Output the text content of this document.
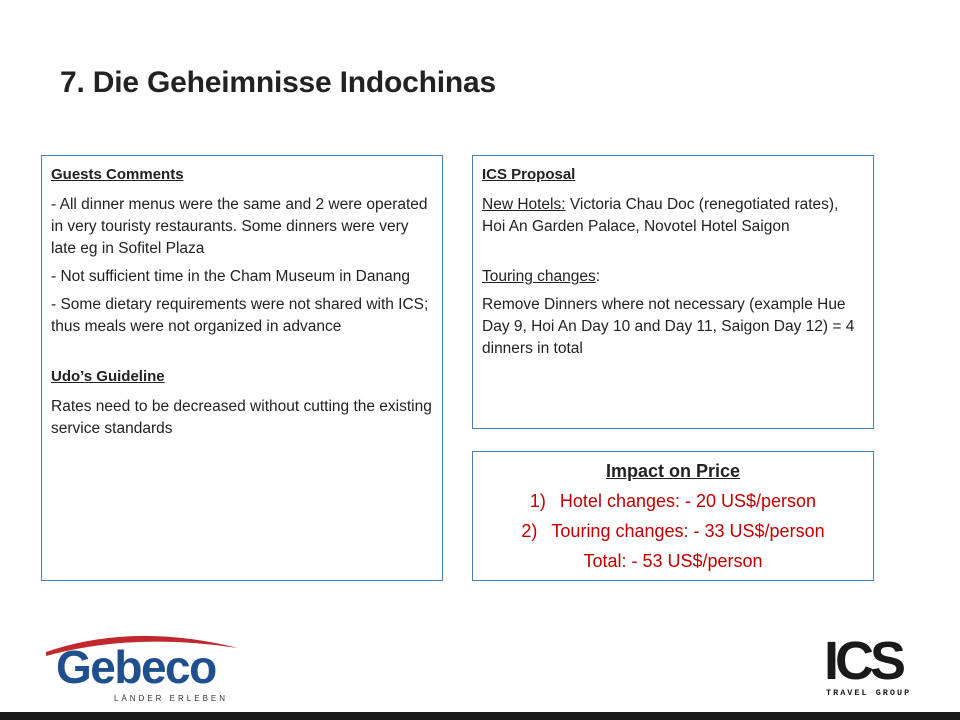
7. Die Geheimnisse Indochinas
Guests Comments
- All dinner menus were the same and 2 were operated in very touristy restaurants. Some dinners were very late eg in Sofitel Plaza
- Not sufficient time in the Cham Museum in Danang
- Some dietary requirements were not shared with ICS; thus meals were not organized in advance
Udo’s Guideline
Rates need to be decreased without cutting the existing service standards
ICS Proposal
New Hotels: Victoria Chau Doc (renegotiated rates), Hoi An Garden Palace, Novotel Hotel Saigon
Touring changes:
Remove Dinners where not necessary (example Hue Day 9, Hoi An Day 10 and Day 11, Saigon Day 12) = 4 dinners in total
Impact on Price
1) Hotel changes: - 20 US$/person
2) Touring changes: - 33 US$/person
Total: - 53 US$/person
Gebeco
LÄNDER ERLEBEN
ICS
TRAVEL GROUP
